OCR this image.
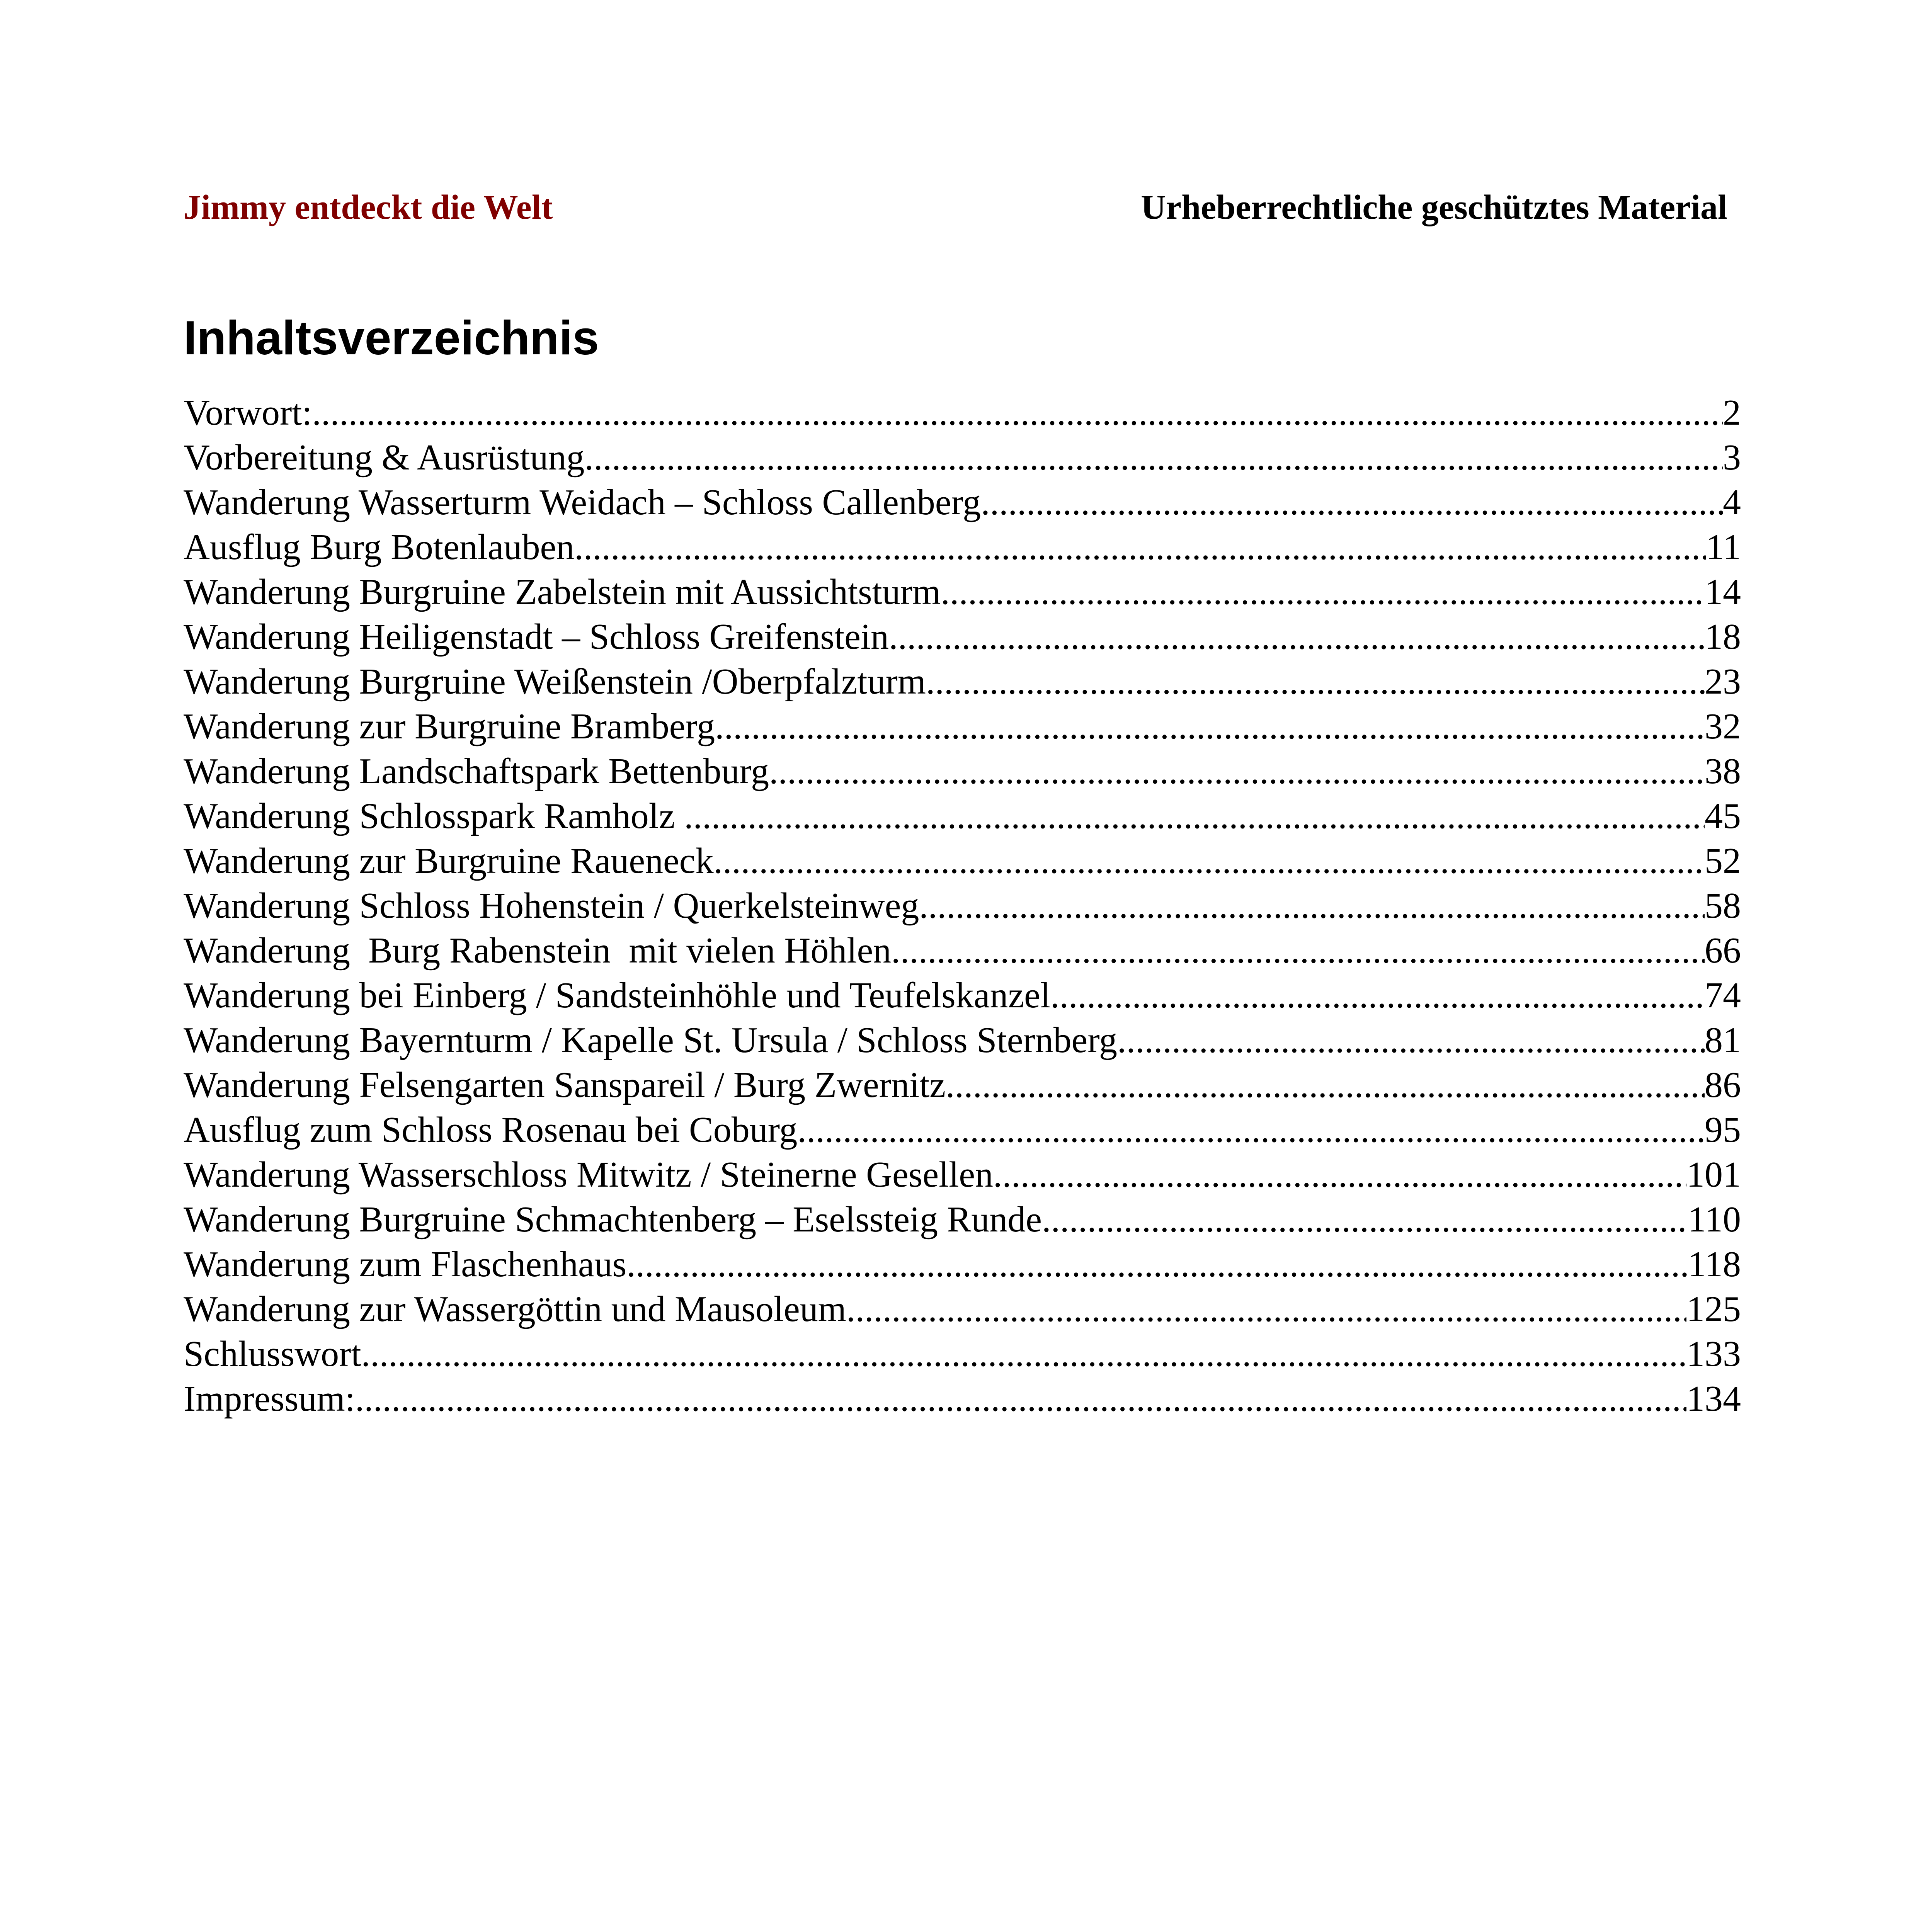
Jimmy entdeckt die Welt	Urheberrechtliche geschütztes Material
Inhaltsverzeichnis
Vorwort: .....	2
Vorbereitung & Ausrüstung .....	3
Wanderung Wasserturm Weidach – Schloss Callenberg .....	4
Ausflug Burg Botenlauben .....	11
Wanderung Burgruine Zabelstein mit Aussichtsturm .....	14
Wanderung Heiligenstadt – Schloss Greifenstein .....	18
Wanderung Burgruine Weißenstein /Oberpfalzturm .....	23
Wanderung zur Burgruine Bramberg .....	32
Wanderung Landschaftspark Bettenburg .....	38
Wanderung Schlosspark Ramholz .....	45
Wanderung zur Burgruine Raueneck .....	52
Wanderung Schloss Hohenstein / Querkelsteinweg .....	58
Wanderung  Burg Rabenstein  mit vielen Höhlen .....	66
Wanderung bei Einberg / Sandsteinhöhle und Teufelskanzel .....	74
Wanderung Bayernturm / Kapelle St. Ursula / Schloss Sternberg .....	81
Wanderung Felsengarten Sanspareil / Burg Zwernitz .....	86
Ausflug zum Schloss Rosenau bei Coburg .....	95
Wanderung Wasserschloss Mitwitz / Steinerne Gesellen .....	101
Wanderung Burgruine Schmachtenberg – Eselssteig Runde .....	110
Wanderung zum Flaschenhaus .....	118
Wanderung zur Wassergöttin und Mausoleum .....	125
Schlusswort .....	133
Impressum: .....	134
